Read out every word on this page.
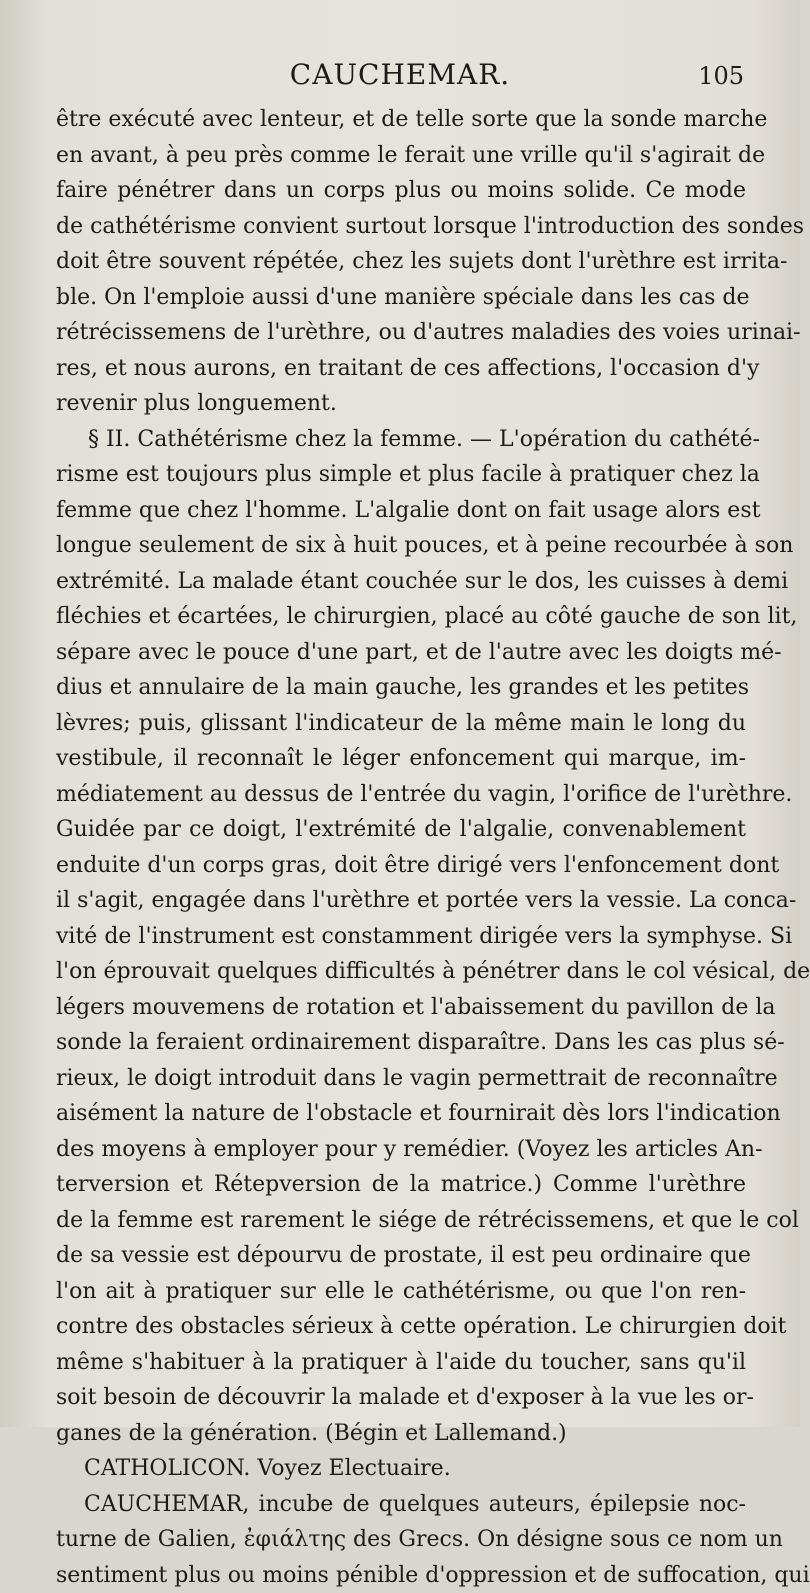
CAUCHEMAR.	105
être exécuté avec lenteur, et de telle sorte que la sonde marche
en avant, à peu près comme le ferait une vrille qu'il s'agirait de
faire pénétrer dans un corps plus ou moins solide. Ce mode
de cathétérisme convient surtout lorsque l'introduction des sondes
doit être souvent répétée, chez les sujets dont l'urèthre est irrita-
ble. On l'emploie aussi d'une manière spéciale dans les cas de
rétrécissemens de l'urèthre, ou d'autres maladies des voies urinai-
res, et nous aurons, en traitant de ces affections, l'occasion d'y
revenir plus longuement.
§ II. Cathétérisme chez la femme. — L'opération du cathété-
risme est toujours plus simple et plus facile à pratiquer chez la
femme que chez l'homme. L'algalie dont on fait usage alors est
longue seulement de six à huit pouces, et à peine recourbée à son
extrémité. La malade étant couchée sur le dos, les cuisses à demi
fléchies et écartées, le chirurgien, placé au côté gauche de son lit,
sépare avec le pouce d'une part, et de l'autre avec les doigts mé-
dius et annulaire de la main gauche, les grandes et les petites
lèvres; puis, glissant l'indicateur de la même main le long du
vestibule, il reconnaît le léger enfoncement qui marque, im-
médiatement au dessus de l'entrée du vagin, l'orifice de l'urèthre.
Guidée par ce doigt, l'extrémité de l'algalie, convenablement
enduite d'un corps gras, doit être dirigé vers l'enfoncement dont
il s'agit, engagée dans l'urèthre et portée vers la vessie. La conca-
vité de l'instrument est constamment dirigée vers la symphyse. Si
l'on éprouvait quelques difficultés à pénétrer dans le col vésical, de
légers mouvemens de rotation et l'abaissement du pavillon de la
sonde la feraient ordinairement disparaître. Dans les cas plus sé-
rieux, le doigt introduit dans le vagin permettrait de reconnaître
aisément la nature de l'obstacle et fournirait dès lors l'indication
des moyens à employer pour y remédier. (Voyez les articles An-
terversion et Rétерversion de la matrice.) Comme l'urèthre
de la femme est rarement le siége de rétrécissemens, et que le col
de sa vessie est dépourvu de prostate, il est peu ordinaire que
l'on ait à pratiquer sur elle le cathétérisme, ou que l'on ren-
contre des obstacles sérieux à cette opération. Le chirurgien doit
même s'habituer à la pratiquer à l'aide du toucher, sans qu'il
soit besoin de découvrir la malade et d'exposer à la vue les or-
ganes de la génération. (Bégin et Lallemand.)
CATHOLICON. Voyez Electuaire.
CAUCHEMAR, incube de quelques auteurs, épilepsie noc-
turne de Galien, ἐφιάλτης des Grecs. On désigne sous ce nom un
sentiment plus ou moins pénible d'oppression et de suffocation, qui
